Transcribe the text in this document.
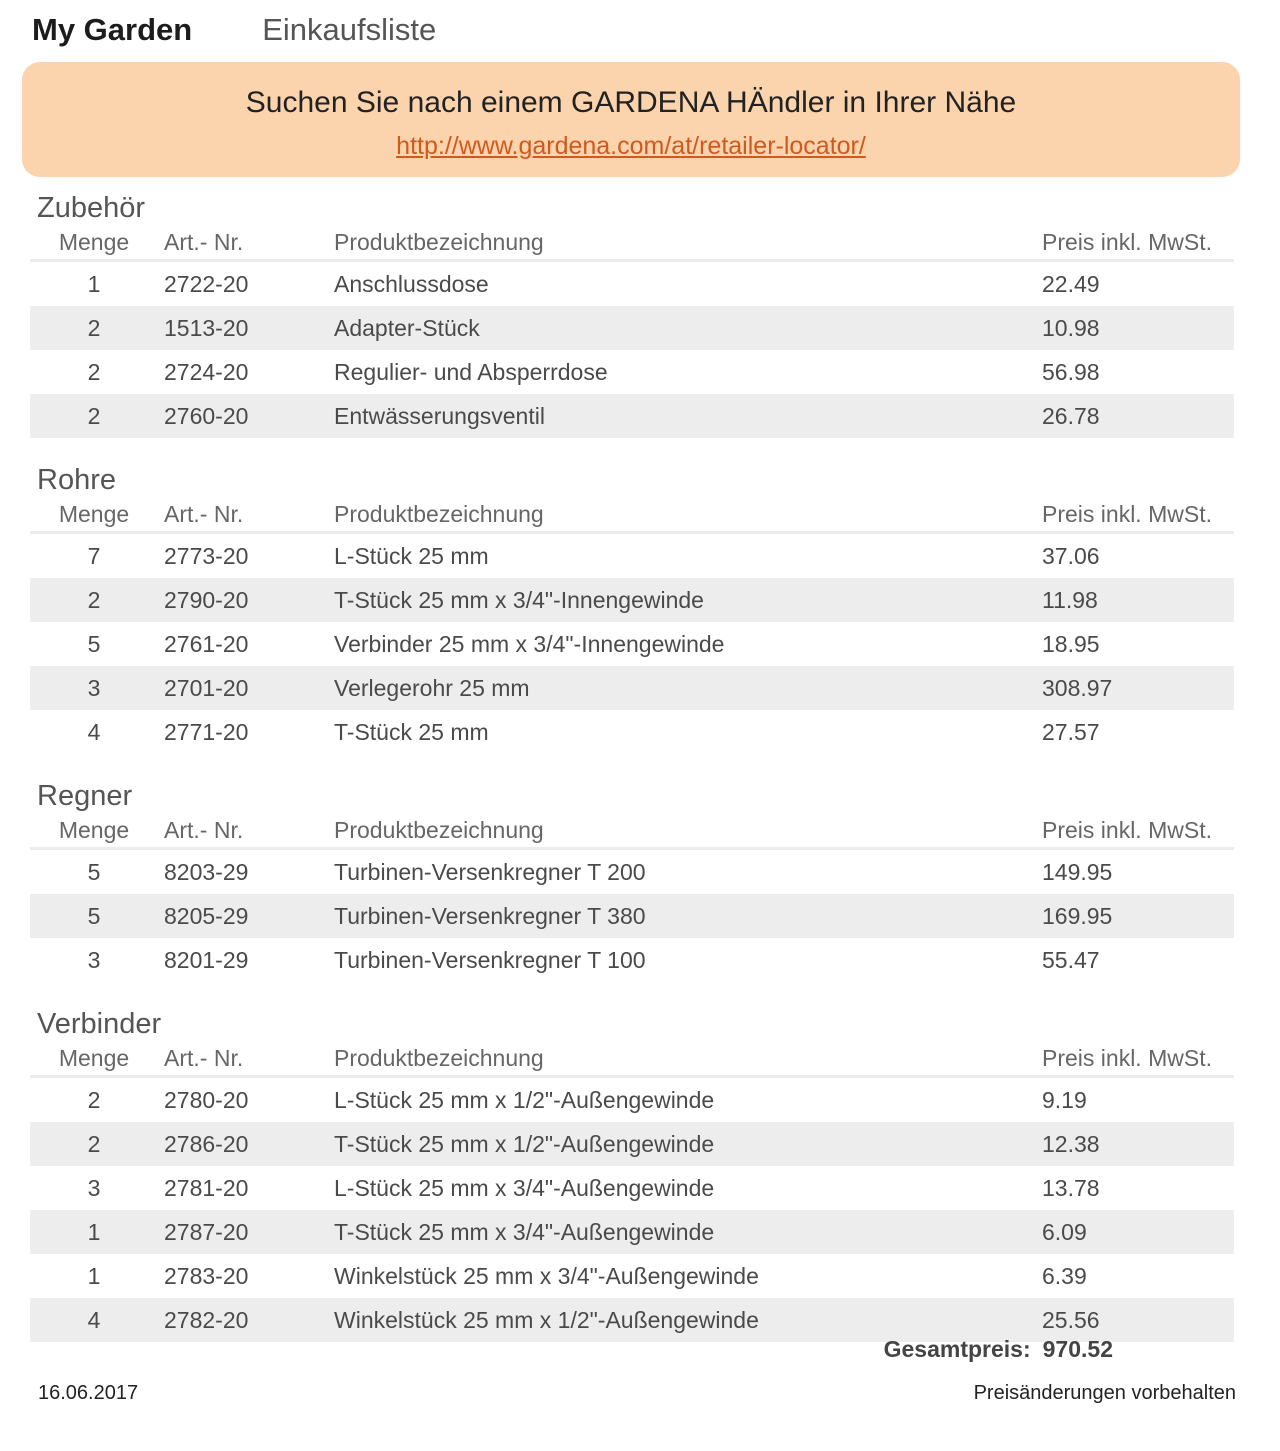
My Garden Einkaufsliste
Suchen Sie nach einem GARDENA HÄndler in Ihrer Nähe
http://www.gardena.com/at/retailer-locator/
Zubehör
Menge	Art.- Nr.	Produktbezeichnung	Preis inkl. MwSt.
1	2722-20	Anschlussdose	22.49
2	1513-20	Adapter-Stück	10.98
2	2724-20	Regulier- und Absperrdose	56.98
2	2760-20	Entwässerungsventil	26.78
Rohre
Menge	Art.- Nr.	Produktbezeichnung	Preis inkl. MwSt.
7	2773-20	L-Stück 25 mm	37.06
2	2790-20	T-Stück 25 mm x 3/4"-Innengewinde	11.98
5	2761-20	Verbinder 25 mm x 3/4"-Innengewinde	18.95
3	2701-20	Verlegerohr 25 mm	308.97
4	2771-20	T-Stück 25 mm	27.57
Regner
Menge	Art.- Nr.	Produktbezeichnung	Preis inkl. MwSt.
5	8203-29	Turbinen-Versenkregner T 200	149.95
5	8205-29	Turbinen-Versenkregner T 380	169.95
3	8201-29	Turbinen-Versenkregner T 100	55.47
Verbinder
Menge	Art.- Nr.	Produktbezeichnung	Preis inkl. MwSt.
2	2780-20	L-Stück 25 mm x 1/2"-Außengewinde	9.19
2	2786-20	T-Stück 25 mm x 1/2"-Außengewinde	12.38
3	2781-20	L-Stück 25 mm x 3/4"-Außengewinde	13.78
1	2787-20	T-Stück 25 mm x 3/4"-Außengewinde	6.09
1	2783-20	Winkelstück 25 mm x 3/4"-Außengewinde	6.39
4	2782-20	Winkelstück 25 mm x 1/2"-Außengewinde	25.56
Gesamtpreis: 970.52
16.06.2017	Preisänderungen vorbehalten
